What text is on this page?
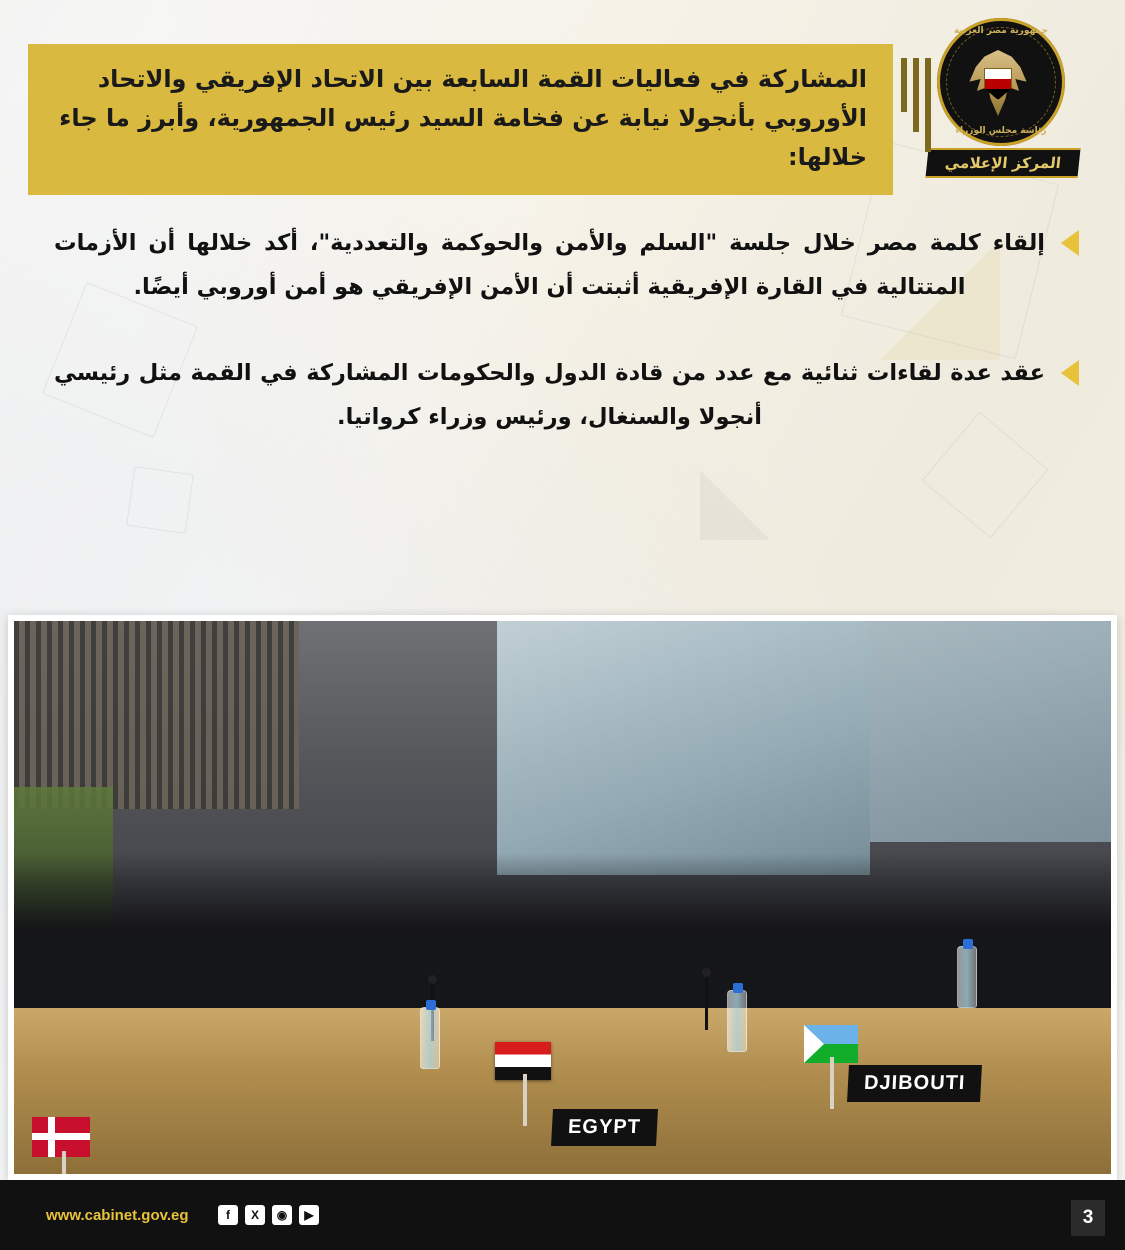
جمهورية مصر العربية
رئاسة مجلس الوزراء
المركز الإعلامي
المشاركة في فعاليات القمة السابعة بين الاتحاد الإفريقي والاتحاد الأوروبي بأنجولا نيابة عن فخامة السيد رئيس الجمهورية، وأبرز ما جاء خلالها:
إلقاء كلمة مصر خلال جلسة "السلم والأمن والحوكمة والتعددية"، أكد خلالها أن الأزمات المتتالية في القارة الإفريقية أثبتت أن الأمن الإفريقي هو أمن أوروبي أيضًا.
عقد عدة لقاءات ثنائية مع عدد من قادة الدول والحكومات المشاركة في القمة مثل رئيسي أنجولا والسنغال، ورئيس وزراء كرواتيا.
EGYPT
DJIBOUTI
www.cabinet.gov.eg	f	X	◉	▶	3
